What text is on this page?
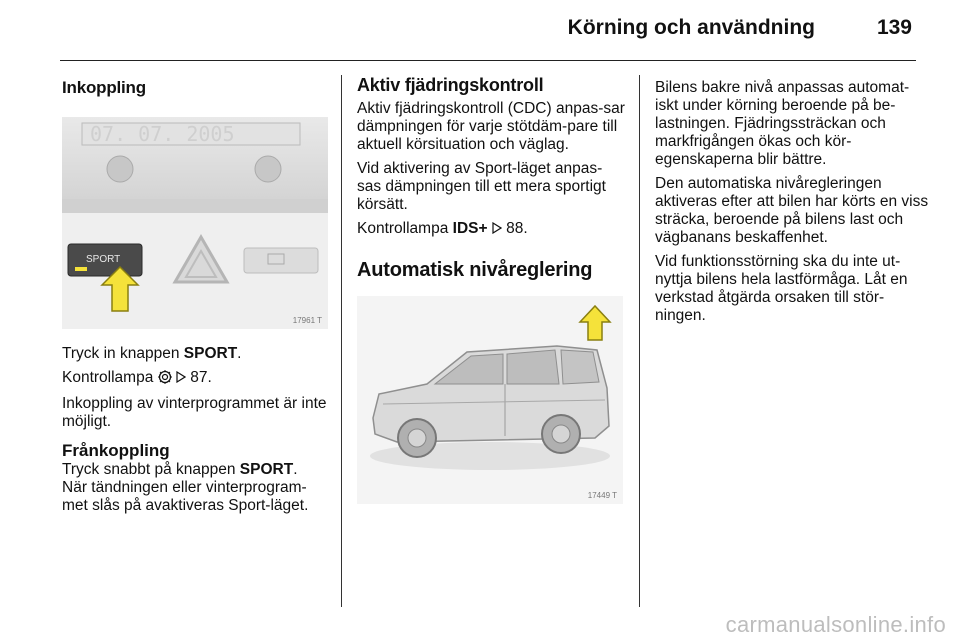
Körning och användning	139
Inkoppling
07. 07. 2005
SPORT
17961 T

Tryck in knappen SPORT.

Kontrollampa   87.

Inkoppling av vinterprogrammet är inte möjligt.

Frånkoppling

Tryck snabbt på knappen SPORT.

När tändningen eller vinterprogram-met slås på avaktiveras Sport-läget.

Aktiv fjädringskontroll

Aktiv fjädringskontroll (CDC) anpas-sar dämpningen för varje stötdäm-pare till aktuell körsituation och väglag.

Vid aktivering av Sport-läget anpas-sas dämpningen till ett mera sportigt körsätt.

Kontrollampa IDS+  88.

Automatisk nivåreglering
17449 T

Bilens bakre nivå anpassas automat-iskt under körning beroende på be-lastningen. Fjädringssträckan och markfrigången ökas och kör-egenskaperna blir bättre.

Den automatiska nivåregleringen aktiveras efter att bilen har körts en viss sträcka, beroende på bilens last och vägbanans beskaffenhet.

Vid funktionsstörning ska du inte ut-nyttja bilens hela lastförmåga. Låt en verkstad åtgärda orsaken till stör-ningen.

carmanualsonline.info
